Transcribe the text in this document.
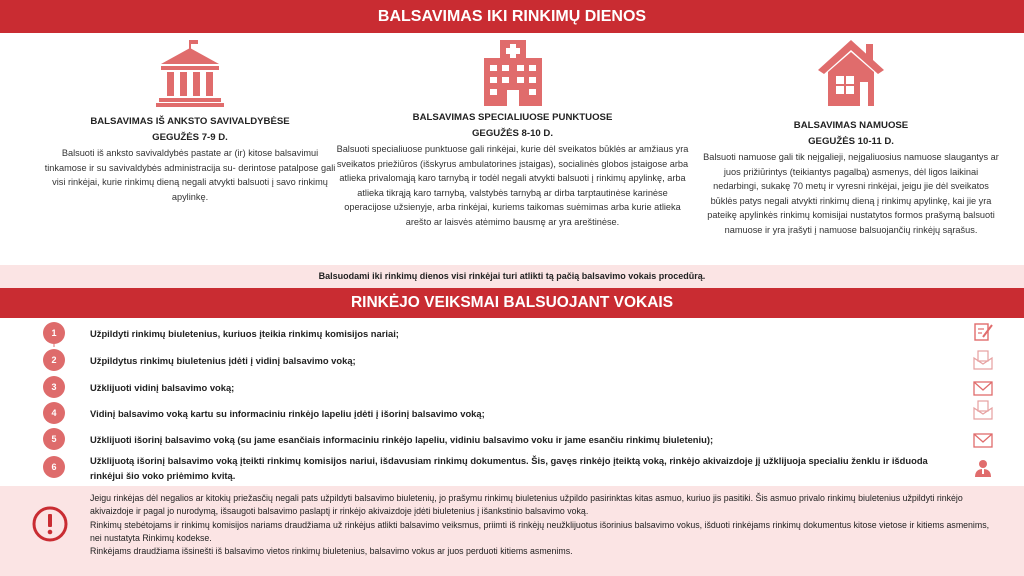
BALSAVIMAS IKI RINKIMŲ DIENOS
BALSAVIMAS IŠ ANKSTO SAVIVALDYBĖSE
GEGUŽĖS 7-9 D.
Balsuoti iš anksto savivaldybės pastate ar (ir) kitose balsavimui tinkamose ir su savivaldybės administracija su- derintose patalpose gali visi rinkėjai, kurie rinkimų dieną negali atvykti balsuoti į savo rinkimų apylinkę.
BALSAVIMAS SPECIALIUOSE PUNKTUOSE
GEGUŽĖS 8-10 D.
Balsuoti specialiuose punktuose gali rinkėjai, kurie dėl sveikatos būklės ar amžiaus yra sveikatos priežiūros (išskyrus ambulatorines įstaigas), socialinės globos įstaigose arba atlieka privalomąją karo tarnybą ir todėl negali atvykti balsuoti į rinkimų apylinkę, arba atlieka tikrąją karo tarnybą, valstybės tarnybą ar dirba tarptautinėse karinėse operacijose užsienyje, arba rinkėjai, kuriems taikomas suėmimas arba kurie atlieka arešto ar laisvės atėmimo bausmę ar yra areštinėse.
BALSAVIMAS NAMUOSE
GEGUŽĖS 10-11 D.
Balsuoti namuose gali tik neįgalieji, neįgaliuosius namuose slaugantys ar juos prižiūrintys (teikiantys pagalbą) asmenys, dėl ligos laikinai nedarbingi, sukakę 70 metų ir vyresni rinkėjai, jeigu jie dėl sveikatos būklės patys negali atvykti rinkimų dieną į rinkimų apylinkę, kai jie yra pateikę apylinkės rinkimų komisijai nustatytos formos prašymą balsuoti namuose ir yra įrašyti į namuose balsuojančių rinkėjų sąrašus.
Balsuodami iki rinkimų dienos visi rinkėjai turi atlikti tą pačią balsavimo vokais procedūrą.
RINKĖJO VEIKSMAI BALSUOJANT VOKAIS
1	Užpildyti rinkimų biuletenius, kuriuos įteikia rinkimų komisijos nariai;
2	Užpildytus rinkimų biuletenius įdėti į vidinį balsavimo voką;
3	Užklijuoti vidinį balsavimo voką;
4	Vidinį balsavimo voką kartu su informaciniu rinkėjo lapeliu įdėti į išorinį balsavimo voką;
5	Užklijuoti išorinį balsavimo voką (su jame esančiais informaciniu rinkėjo lapeliu, vidiniu balsavimo voku ir jame esančiu rinkimų biuleteniu);
6
Užklijuotą išorinį balsavimo voką įteikti rinkimų komisijos nariui, išdavusiam rinkimų dokumentus. Šis, gavęs rinkėjo įteiktą voką, rinkėjo akivaizdoje jį užklijuoja specialiu ženklu ir išduoda rinkėjui šio voko priėmimo kvitą.

Jeigu rinkėjas dėl negalios ar kitokių priežasčių negali pats užpildyti balsavimo biuletenių, jo prašymu rinkimų biuletenius užpildo pasirinktas kitas asmuo, kuriuo jis pasitiki. Šis asmuo privalo rinkimų biuletenius užpildyti rinkėjo akivaizdoje ir pagal jo nurodymą, išsaugoti balsavimo paslaptį ir rinkėjo akivaizdoje įdėti biuletenius į išankstinio balsavimo voką.

Rinkimų stebėtojams ir rinkimų komisijos nariams draudžiama už rinkėjus atlikti balsavimo veiksmus, priimti iš rinkėjų neužklijuotus išorinius balsavimo vokus, išduoti rinkėjams rinkimų dokumentus kitose vietose ir kitiems asmenims, nei nustatyta Rinkimų kodekse.

Rinkėjams draudžiama išsinešti iš balsavimo vietos rinkimų biuletenius, balsavimo vokus ar juos perduoti kitiems asmenims.
